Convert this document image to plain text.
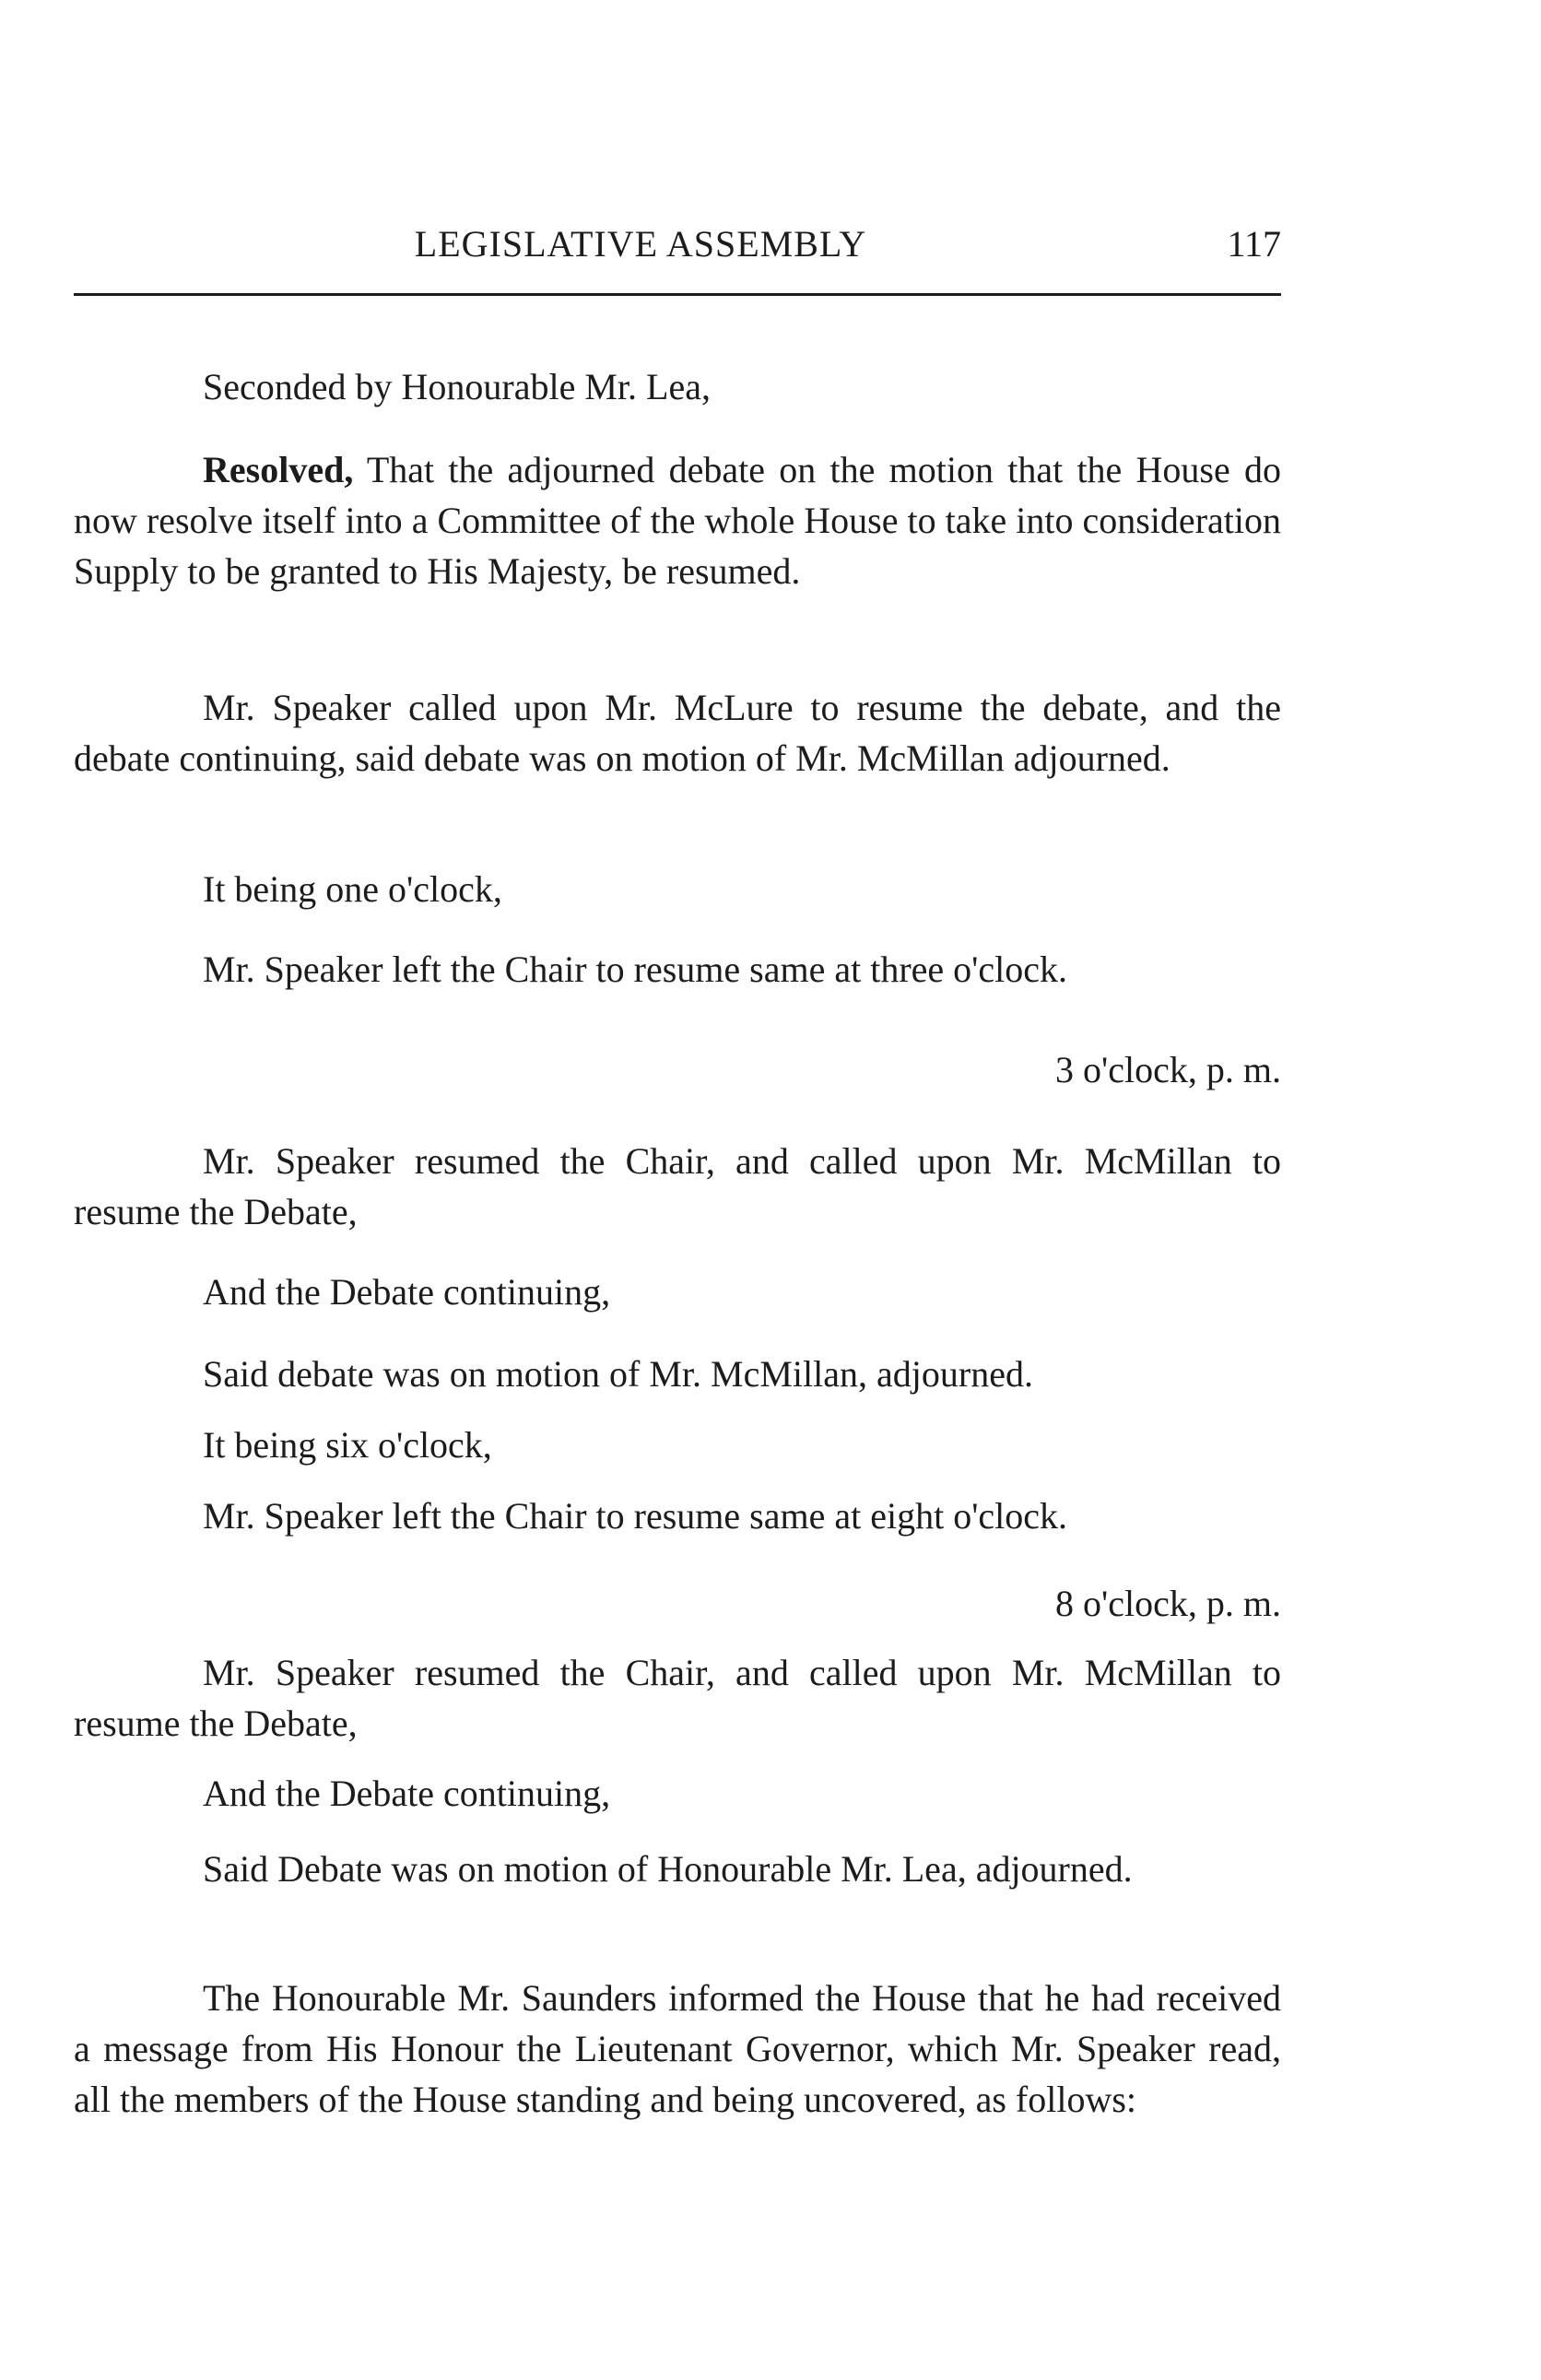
LEGISLATIVE ASSEMBLY	117

Seconded by Honourable Mr. Lea,

Resolved, That the adjourned debate on the motion that the House do now resolve itself into a Committee of the whole House to take into consideration Supply to be granted to His Majesty, be resumed.

Mr. Speaker called upon Mr. McLure to resume the debate, and the debate continuing, said debate was on motion of Mr. McMillan adjourned.

It being one o'clock,

Mr. Speaker left the Chair to resume same at three o'clock.

3 o'clock, p. m.

Mr. Speaker resumed the Chair, and called upon Mr. McMillan to resume the Debate,

And the Debate continuing,

Said debate was on motion of Mr. McMillan, adjourned.

It being six o'clock,

Mr. Speaker left the Chair to resume same at eight o'clock.

8 o'clock, p. m.

Mr. Speaker resumed the Chair, and called upon Mr. McMillan to resume the Debate,

And the Debate continuing,

Said Debate was on motion of Honourable Mr. Lea, adjourned.

The Honourable Mr. Saunders informed the House that he had received a message from His Honour the Lieutenant Governor, which Mr. Speaker read, all the members of the House standing and being uncovered, as follows:
